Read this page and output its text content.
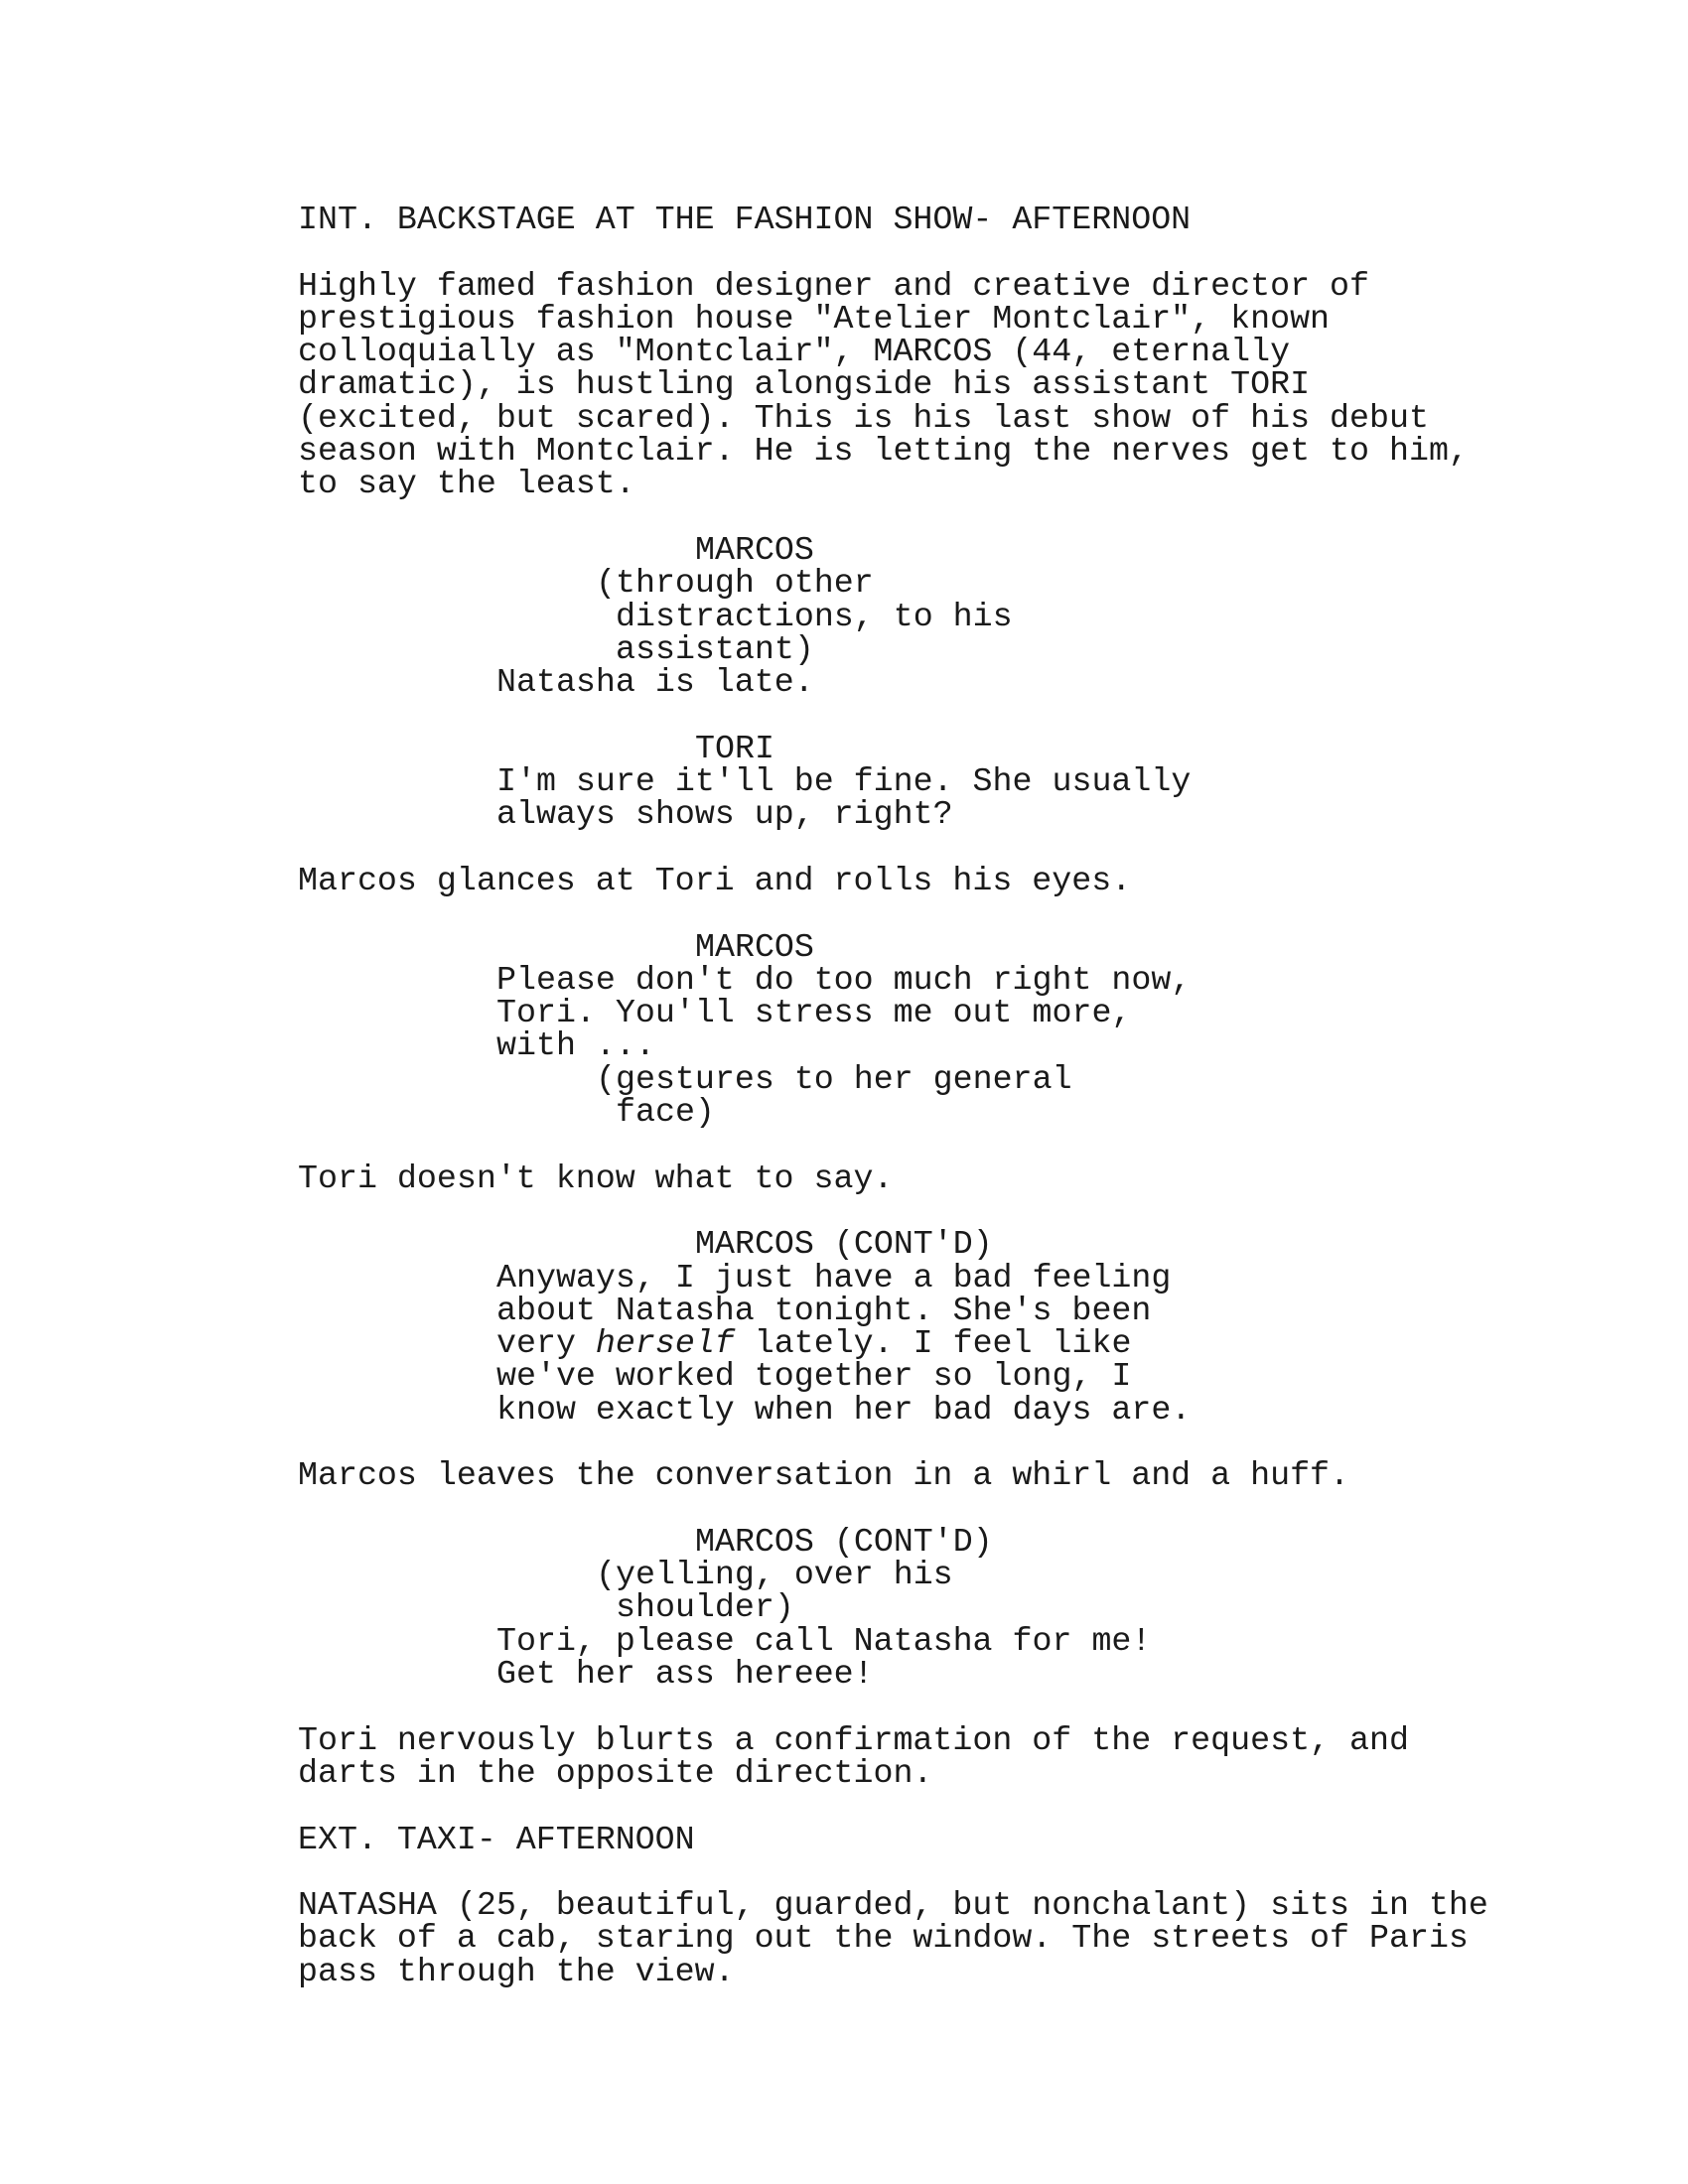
INT. BACKSTAGE AT THE FASHION SHOW- AFTERNOON
Highly famed fashion designer and creative director of
prestigious fashion house "Atelier Montclair", known
colloquially as "Montclair", MARCOS (44, eternally
dramatic), is hustling alongside his assistant TORI
(excited, but scared). This is his last show of his debut
season with Montclair. He is letting the nerves get to him,
to say the least.
MARCOS
(through other
distractions, to his
assistant)
Natasha is late.
TORI
I'm sure it'll be fine. She usually
always shows up, right?
Marcos glances at Tori and rolls his eyes.
MARCOS
Please don't do too much right now,
Tori. You'll stress me out more,
with ...
(gestures to her general
face)
Tori doesn't know what to say.
MARCOS (CONT'D)
Anyways, I just have a bad feeling
about Natasha tonight. She's been
very herself lately. I feel like
we've worked together so long, I
know exactly when her bad days are.
Marcos leaves the conversation in a whirl and a huff.
MARCOS (CONT'D)
(yelling, over his
shoulder)
Tori, please call Natasha for me!
Get her ass hereee!
Tori nervously blurts a confirmation of the request, and
darts in the opposite direction.
EXT. TAXI- AFTERNOON
NATASHA (25, beautiful, guarded, but nonchalant) sits in the
back of a cab, staring out the window. The streets of Paris
pass through the view.
